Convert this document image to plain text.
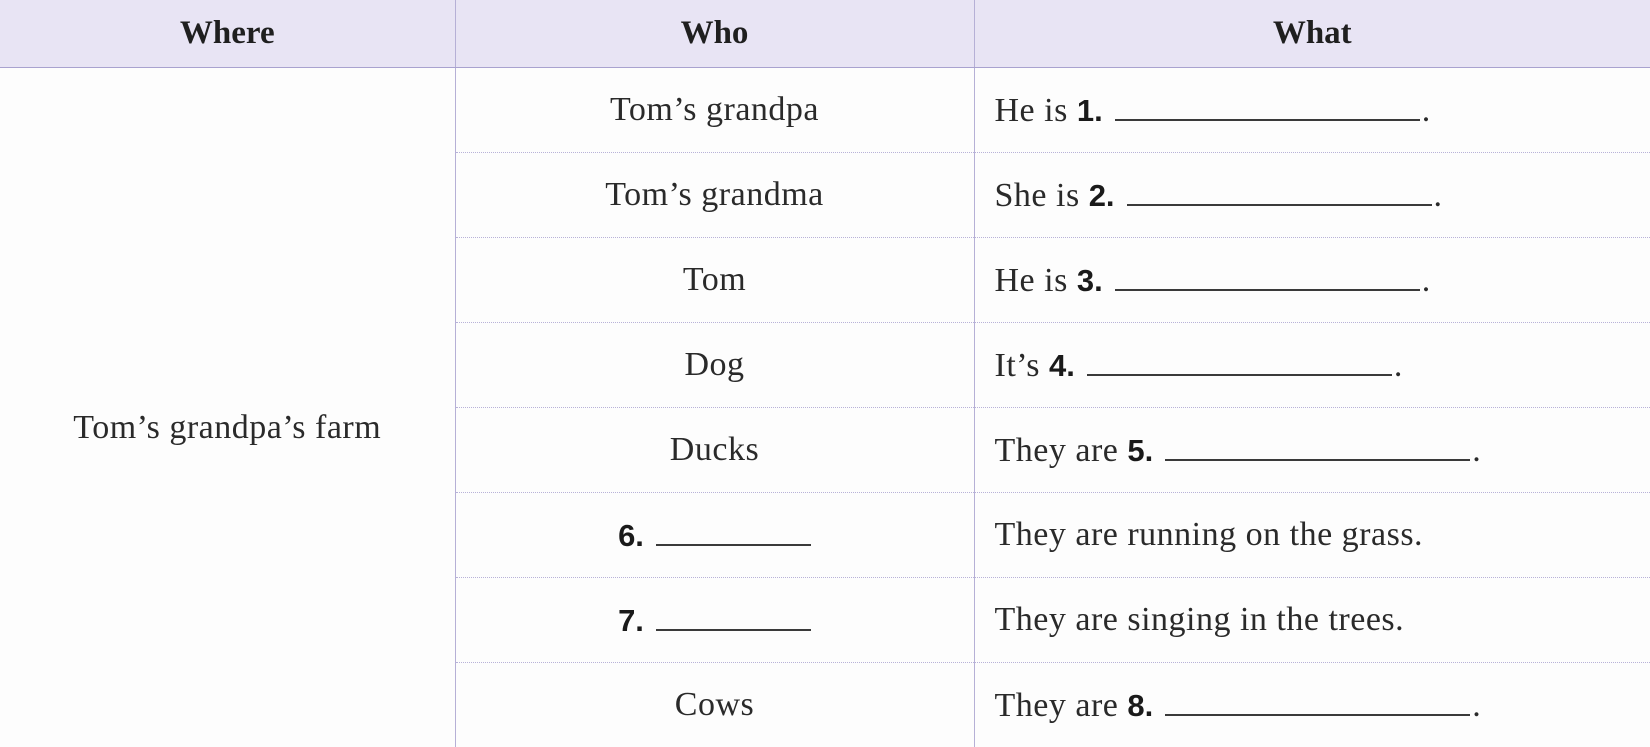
Where	Who	What
Tom’s grandpa’s farm	Tom’s grandpa	He is 1. .
	Tom’s grandma	She is 2. .
	Tom	He is 3. .
	Dog	It’s 4. .
	Ducks	They are 5. .
	6.	They are running on the grass.
	7.	They are singing in the trees.
	Cows	They are 8. .
